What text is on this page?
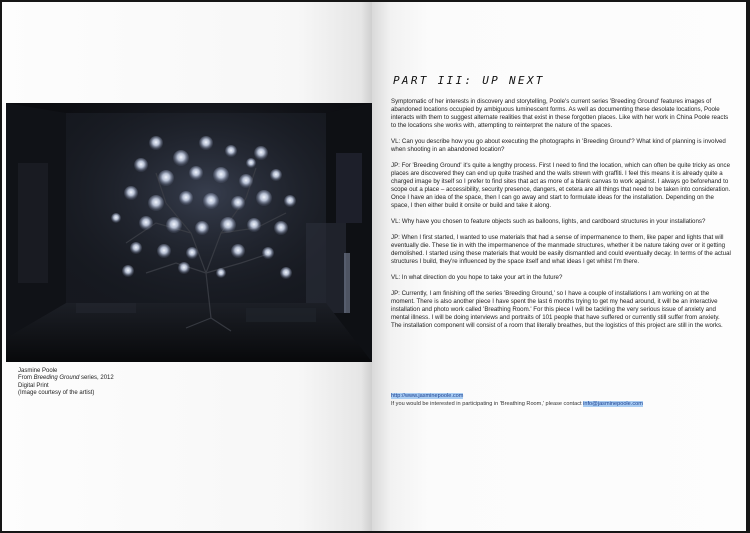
Jasmine Poole
From Breeding Ground series, 2012
Digital Print
(Image courtesy of the artist)
PART III: UP NEXT

Symptomatic of her interests in discovery and storytelling, Poole's current series 'Breeding Ground' features images of abandoned locations occupied by ambiguous luminescent forms. As well as documenting these desolate locations, Poole interacts with them to suggest alternate realities that exist in these forgotten places. Like with her work in China Poole reacts to the locations she works with, attempting to reinterpret the nature of the spaces.

VL: Can you describe how you go about executing the photographs in 'Breeding Ground'? What kind of planning is involved when shooting in an abandoned location?

JP: For 'Breeding Ground' it's quite a lengthy process. First I need to find the location, which can often be quite tricky as once places are discovered they can end up quite trashed and the walls strewn with graffiti. I feel this means it is already quite a charged image by itself so I prefer to find sites that act as more of a blank canvas to work against. I always go beforehand to scope out a place – accessibility, security presence, dangers, et cetera are all things that need to be taken into consideration. Once I have an idea of the space, then I can go away and start to formulate ideas for the installation. Depending on the space, I then either build it onsite or build and take it along.

VL: Why have you chosen to feature objects such as balloons, lights, and cardboard structures in your installations?

JP: When I first started, I wanted to use materials that had a sense of impermanence to them, like paper and lights that will eventually die. These tie in with the impermanence of the manmade structures, whether it be nature taking over or it getting demolished. I started using these materials that would be easily dismantled and could eventually decay. In terms of the actual structures I build, they're influenced by the space itself and what ideas I get whilst I'm there.

VL: In what direction do you hope to take your art in the future?

JP: Currently, I am finishing off the series 'Breeding Ground,' so I have a couple of installations I am working on at the moment. There is also another piece I have spent the last 6 months trying to get my head around, it will be an interactive installation and photo work called 'Breathing Room.' For this piece I will be tackling the very serious issue of anxiety and mental illness. I will be doing interviews and portraits of 101 people that have suffered or currently still suffer from anxiety. The installation component will consist of a room that literally breathes, but the logistics of this project are still in the works.

http://www.jasminepoole.com
If you would be interested in participating in 'Breathing Room,' please contact info@jasminepoole.com
